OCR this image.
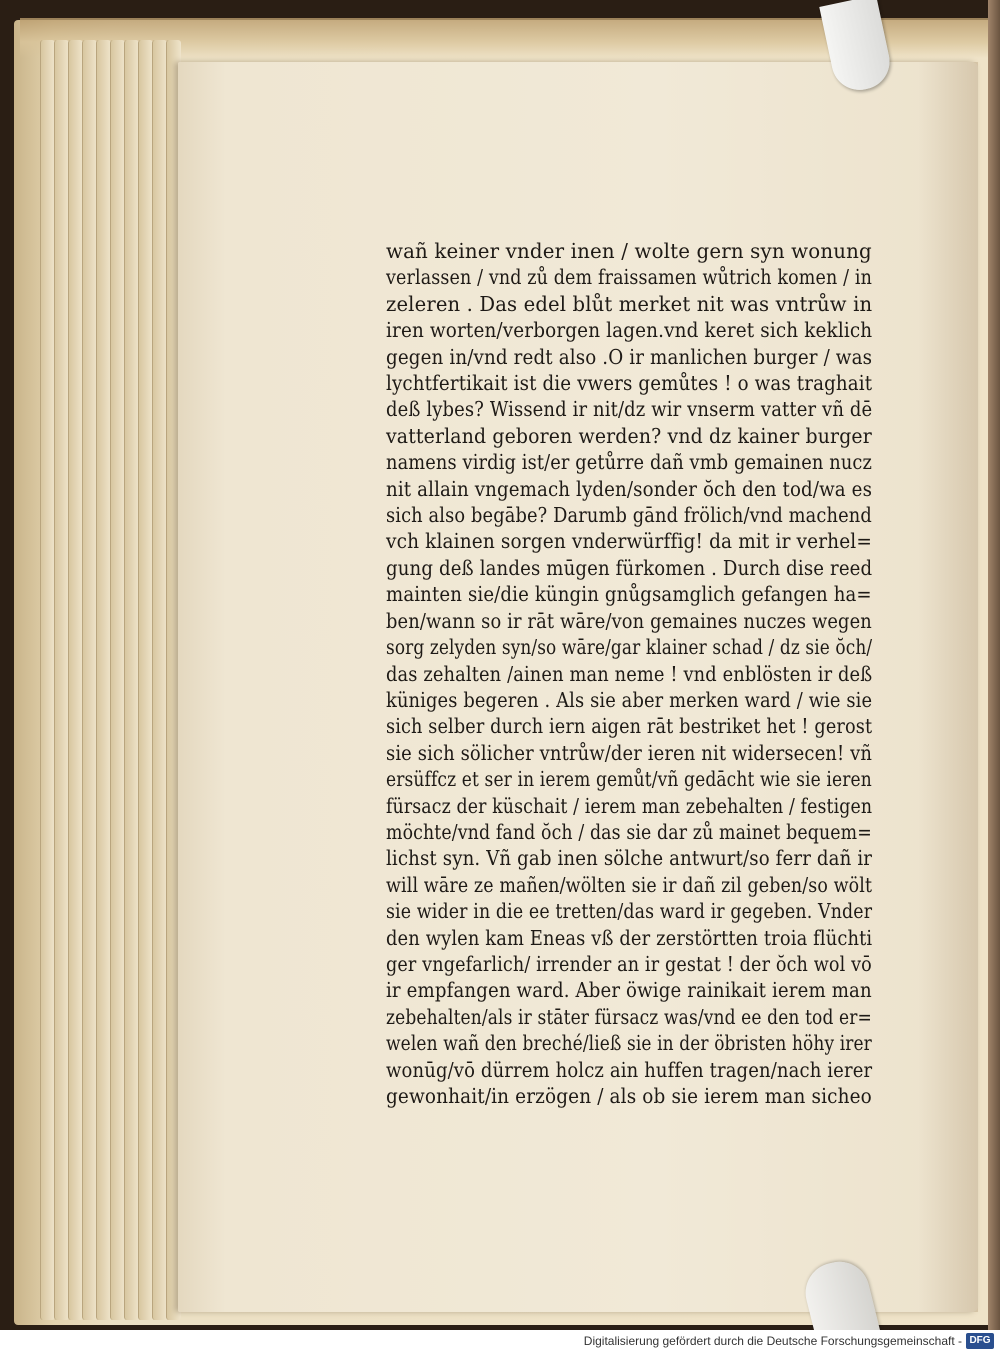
wañ keiner vnder inen / wolte gern syn wonung
verlassen / vnd zů dem fraissamen wůtrich komen / in
zeleren . Das edel blůt merket nit was vntrůw in
iren worten/verborgen lagen.vnd keret sich keklich
gegen in/vnd redt also .O ir manlichen burger / was
lychtfertikait ist die vwers gemůtes ! o was traghait
deß lybes? Wissend ir nit/dz wir vnserm vatter vñ dē
vatterland geboren werden? vnd dz kainer burger
namens virdig ist/er getůrre dañ vmb gemainen nucz
nit allain vngemach lyden/sonder ŏch den tod/wa es
sich also begābe? Darumb gānd frölich/vnd machend
vch klainen sorgen vnderwürffig! da mit ir verhel=
gung deß landes mūgen fürkomen . Durch dise reed
mainten sie/die küngin gnůgsamglich gefangen ha=
ben/wann so ir rāt wāre/von gemaines nuczes wegen
sorg zelyden syn/so wāre/gar klainer schad / dz sie ŏch/
das zehalten /ainen man neme ! vnd enblösten ir deß
küniges begeren . Als sie aber merken ward / wie sie
sich selber durch iern aigen rāt bestriket het ! gerost
sie sich sölicher vntrůw/der ieren nit widersecen! vñ
ersüffcz et ser in ierem gemůt/vñ gedācht wie sie ieren
fürsacz der küschait / ierem man zebehalten / festigen
möchte/vnd fand ŏch / das sie dar zů mainet bequem=
lichst syn. Vñ gab inen sölche antwurt/so ferr dañ ir
will wāre ze mañen/wölten sie ir dañ zil geben/so wölt
sie wider in die ee tretten/das ward ir gegeben. Vnder
den wylen kam Eneas vß der zerstörtten troia flüchti
ger vngefarlich/ irrender an ir gestat ! der ŏch wol vō
ir empfangen ward. Aber öwige rainikait ierem man
zebehalten/als ir stāter fürsacz was/vnd ee den tod er=
welen wañ den breché/ließ sie in der öbristen höhy irer
wonūg/vō dürrem holcz ain huffen tragen/nach ierer
gewonhait/in erzögen / als ob sie ierem man sicheo
Digitalisierung gefördert durch die Deutsche Forschungsgemeinschaft - DFG
